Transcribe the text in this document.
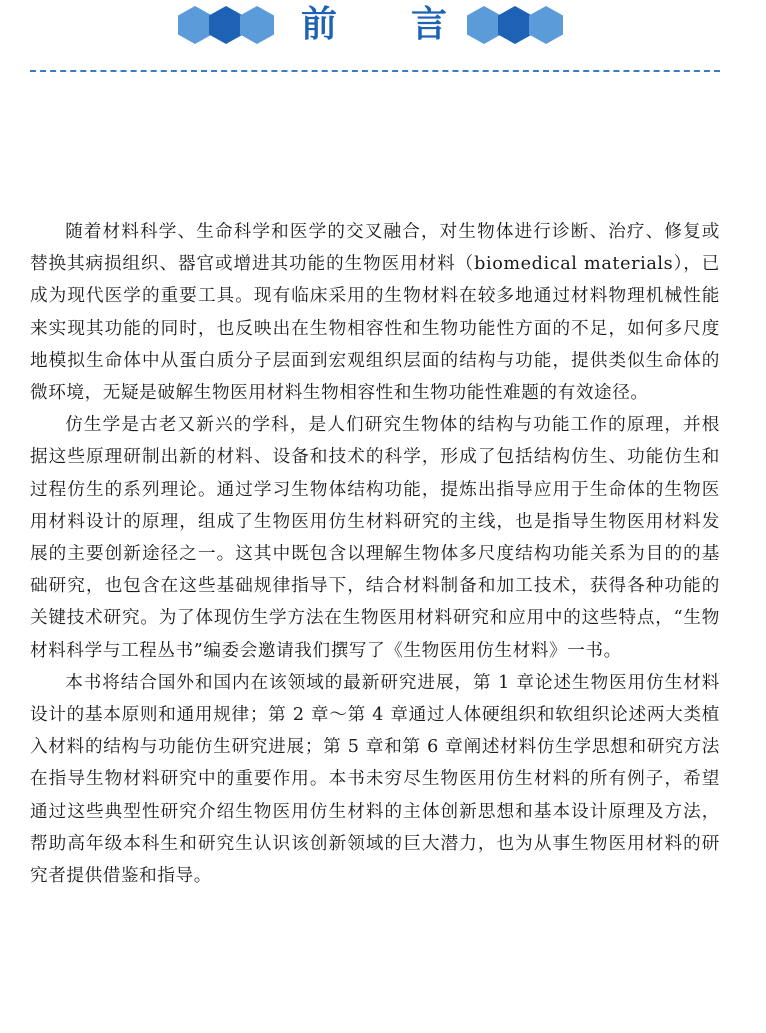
前 言

随着材料科学、生命科学和医学的交叉融合，对生物体进行诊断、治疗、修复或替换其病损组织、器官或增进其功能的生物医用材料（biomedical materials），已成为现代医学的重要工具。现有临床采用的生物材料在较多地通过材料物理机械性能来实现其功能的同时，也反映出在生物相容性和生物功能性方面的不足，如何多尺度地模拟生命体中从蛋白质分子层面到宏观组织层面的结构与功能，提供类似生命体的微环境，无疑是破解生物医用材料生物相容性和生物功能性难题的有效途径。

仿生学是古老又新兴的学科，是人们研究生物体的结构与功能工作的原理，并根据这些原理研制出新的材料、设备和技术的科学，形成了包括结构仿生、功能仿生和过程仿生的系列理论。通过学习生物体结构功能，提炼出指导应用于生命体的生物医用材料设计的原理，组成了生物医用仿生材料研究的主线，也是指导生物医用材料发展的主要创新途径之一。这其中既包含以理解生物体多尺度结构功能关系为目的的基础研究，也包含在这些基础规律指导下，结合材料制备和加工技术，获得各种功能的关键技术研究。为了体现仿生学方法在生物医用材料研究和应用中的这些特点，“生物材料科学与工程丛书”编委会邀请我们撰写了《生物医用仿生材料》一书。

本书将结合国外和国内在该领域的最新研究进展，第 1 章论述生物医用仿生材料设计的基本原则和通用规律；第 2 章～第 4 章通过人体硬组织和软组织论述两大类植入材料的结构与功能仿生研究进展；第 5 章和第 6 章阐述材料仿生学思想和研究方法在指导生物材料研究中的重要作用。本书未穷尽生物医用仿生材料的所有例子，希望通过这些典型性研究介绍生物医用仿生材料的主体创新思想和基本设计原理及方法，帮助高年级本科生和研究生认识该创新领域的巨大潜力，也为从事生物医用材料的研究者提供借鉴和指导。
